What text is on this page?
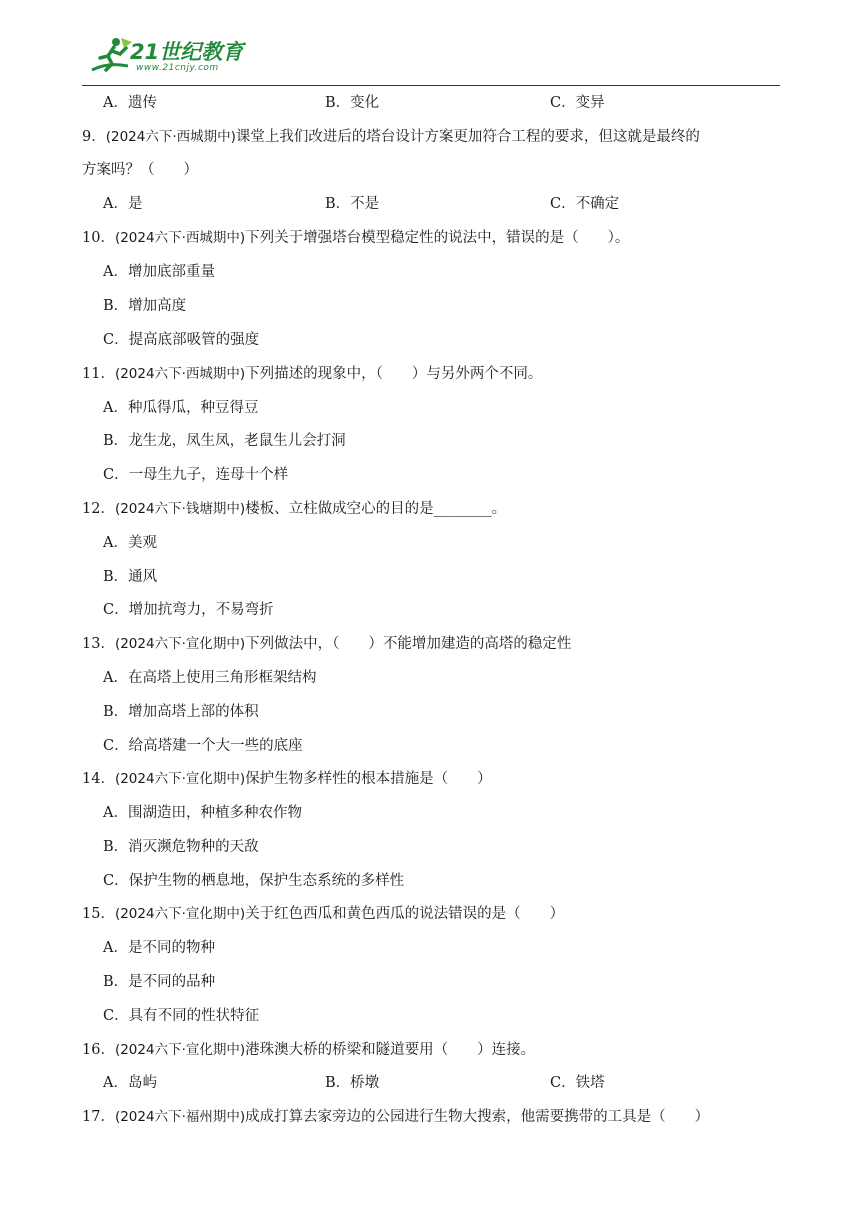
21世纪教育
www.21cnjy.com
A．遗传	B．变化	C．变异
9．(2024六下·西城期中)课堂上我们改进后的塔台设计方案更加符合工程的要求，但这就是最终的
方案吗？（　　）
A．是	B．不是	C．不确定
10．(2024六下·西城期中)下列关于增强塔台模型稳定性的说法中，错误的是（　　）。
A．增加底部重量
B．增加高度
C．提高底部吸管的强度
11．(2024六下·西城期中)下列描述的现象中，（　　）与另外两个不同。
A．种瓜得瓜，种豆得豆
B．龙生龙，凤生凤，老鼠生儿会打洞
C．一母生九子，连母十个样
12．(2024六下·钱塘期中)楼板、立柱做成空心的目的是________。
A．美观
B．通风
C．增加抗弯力，不易弯折
13．(2024六下·宣化期中)下列做法中，（　　）不能增加建造的高塔的稳定性
A．在高塔上使用三角形框架结构
B．增加高塔上部的体积
C．给高塔建一个大一些的底座
14．(2024六下·宣化期中)保护生物多样性的根本措施是（　　）
A．围湖造田，种植多种农作物
B．消灭濒危物种的天敌
C．保护生物的栖息地，保护生态系统的多样性
15．(2024六下·宣化期中)关于红色西瓜和黄色西瓜的说法错误的是（　　）
A．是不同的物种
B．是不同的品种
C．具有不同的性状特征
16．(2024六下·宣化期中)港珠澳大桥的桥梁和隧道要用（　　）连接。
A．岛屿	B．桥墩	C．铁塔
17．(2024六下·福州期中)成成打算去家旁边的公园进行生物大搜索，他需要携带的工具是（　　）
